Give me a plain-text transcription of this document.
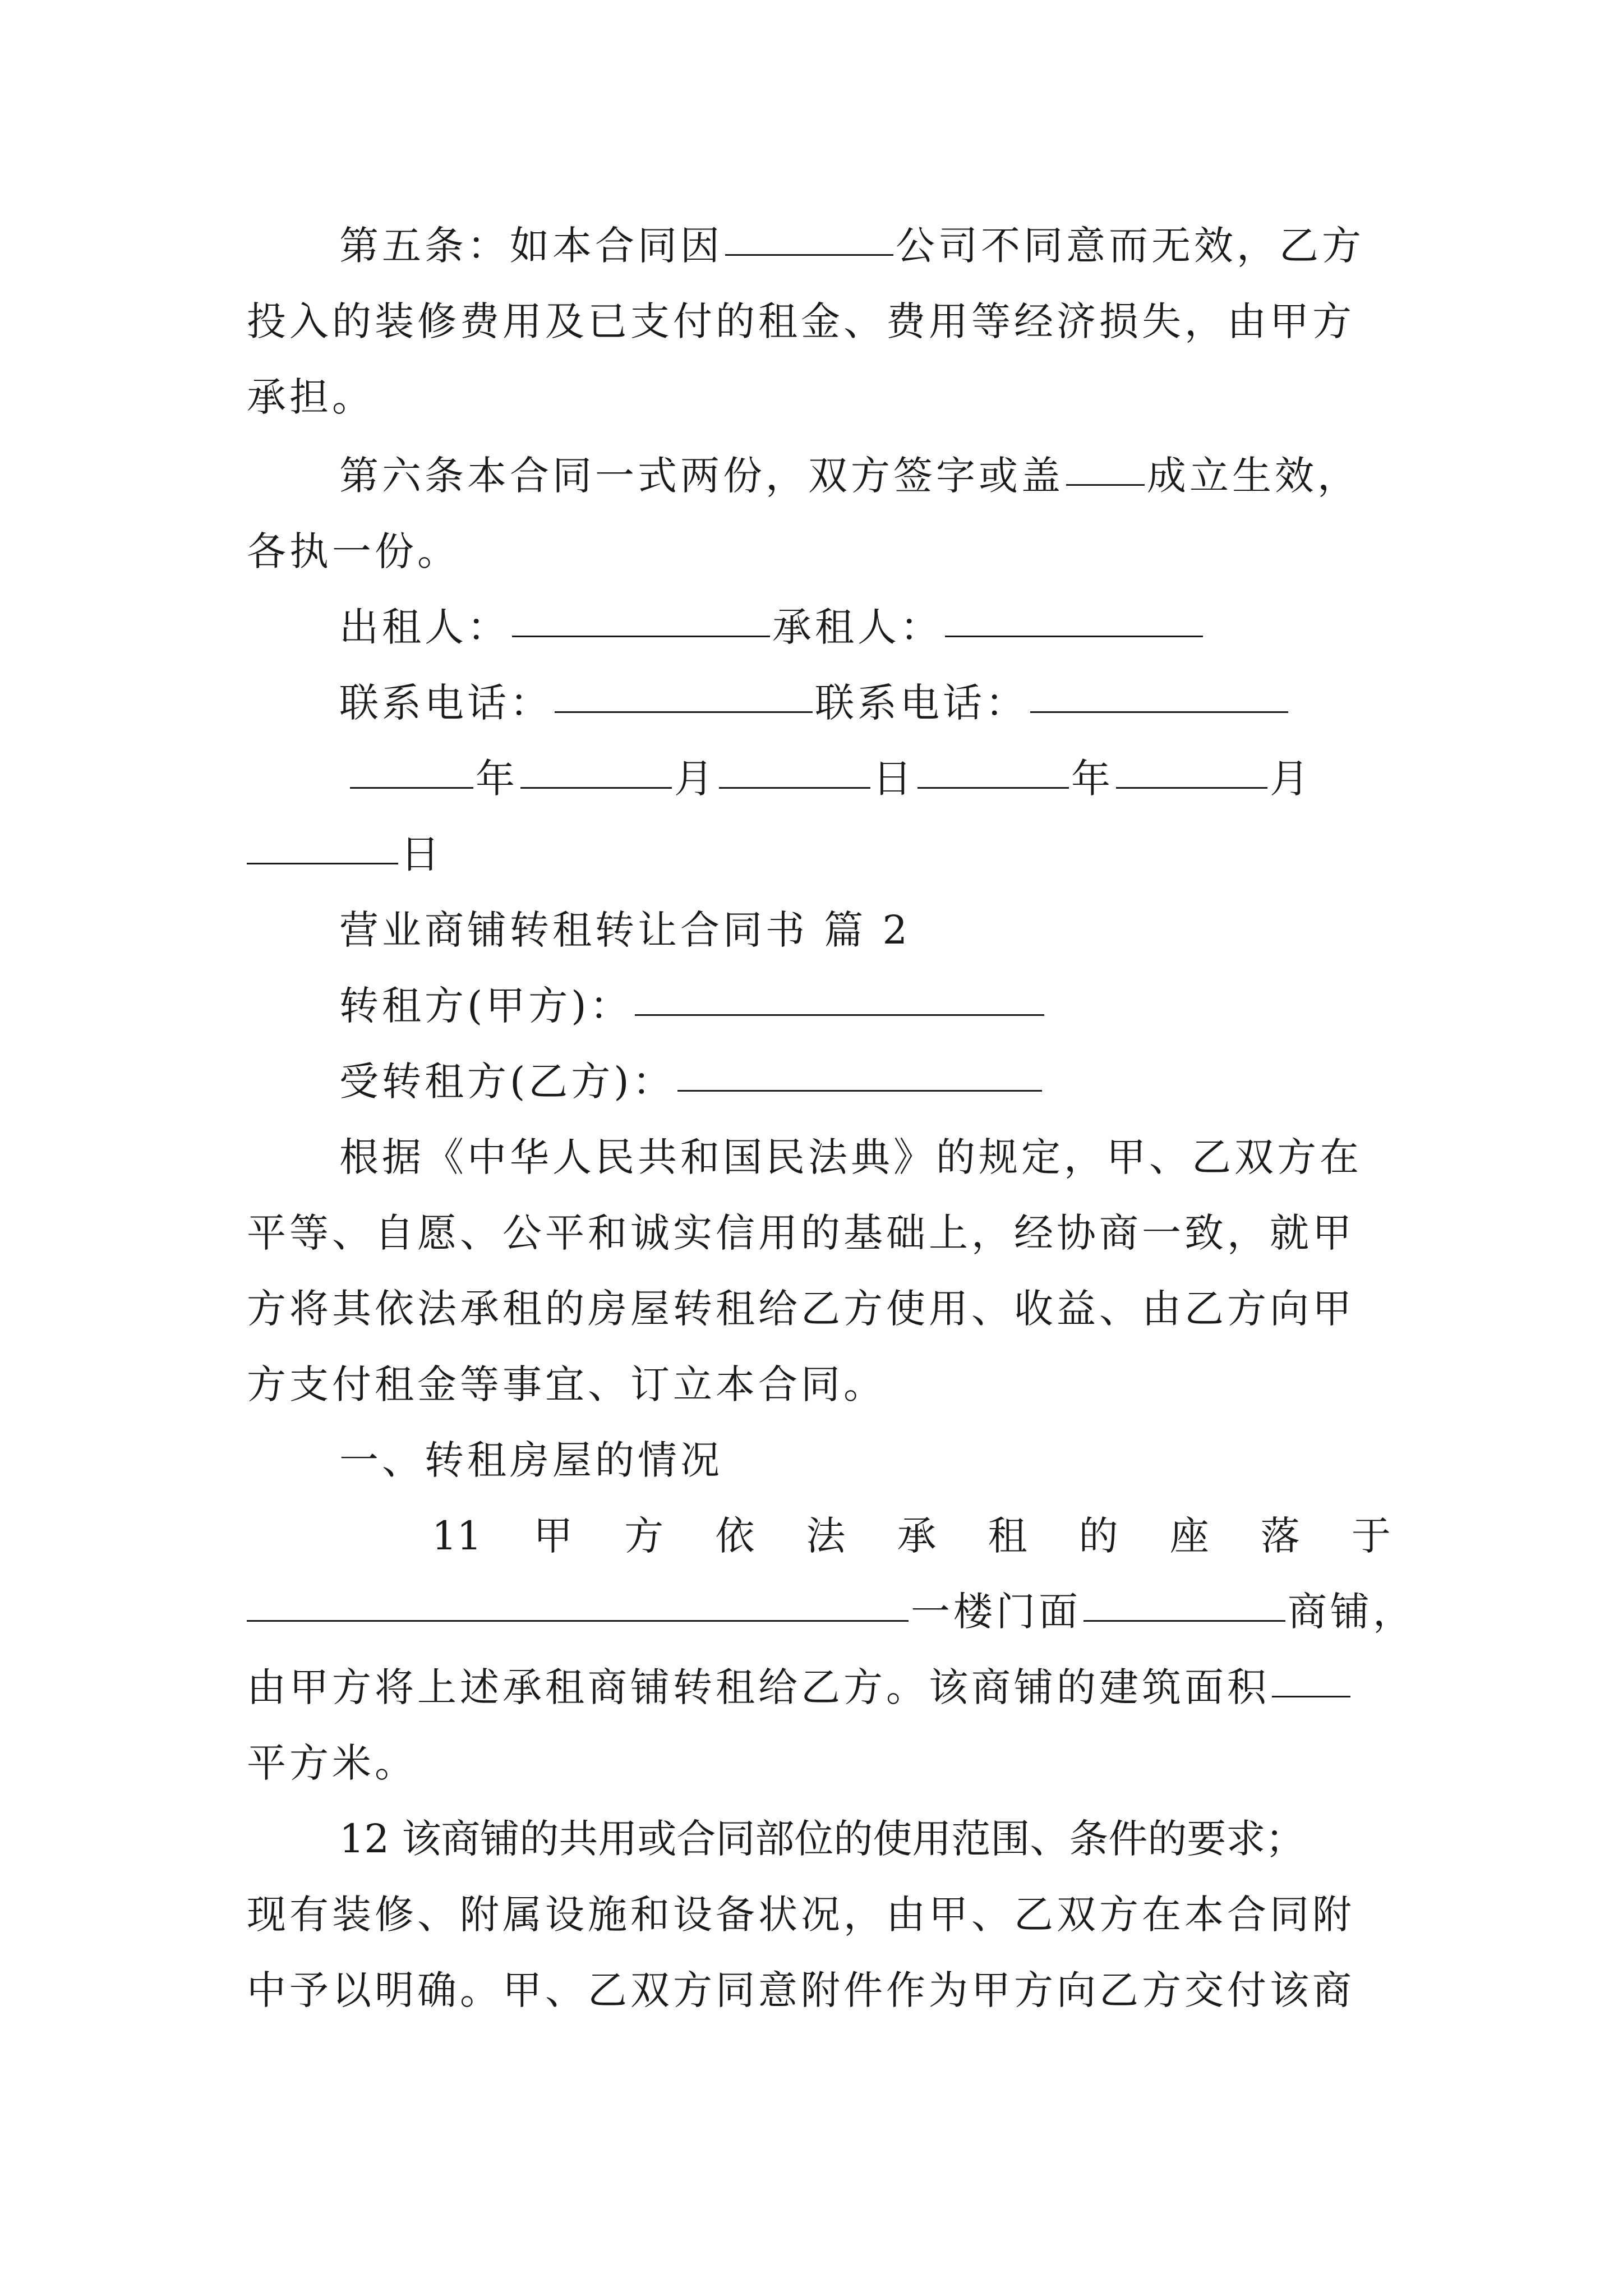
第五条：如本合同因	公司不同意而无效，乙方
投入的装修费用及已支付的租金、费用等经济损失，由甲方
承担。
第六条本合同一式两份，双方签字或盖 成立生效，
各执一份。
出租人：	承租人：
联系电话：	联系电话：
年	月	日	年	月
日
营业商铺转租转让合同书 篇 2
转租方(甲方)：
受转租方(乙方)：
根据《中华人民共和国民法典》的规定，甲、乙双方在
平等、自愿、公平和诚实信用的基础上，经协商一致，就甲
方将其依法承租的房屋转租给乙方使用、收益、由乙方向甲
方支付租金等事宜、订立本合同。
一、转租房屋的情况
11 甲 方 依 法 承 租 的 座 落 于
一楼门面	商铺，
由甲方将上述承租商铺转租给乙方。该商铺的建筑面积
平方米。
12 该商铺的共用或合同部位的使用范围、条件的要求；
现有装修、附属设施和设备状况，由甲、乙双方在本合同附
中予以明确。甲、乙双方同意附件作为甲方向乙方交付该商
